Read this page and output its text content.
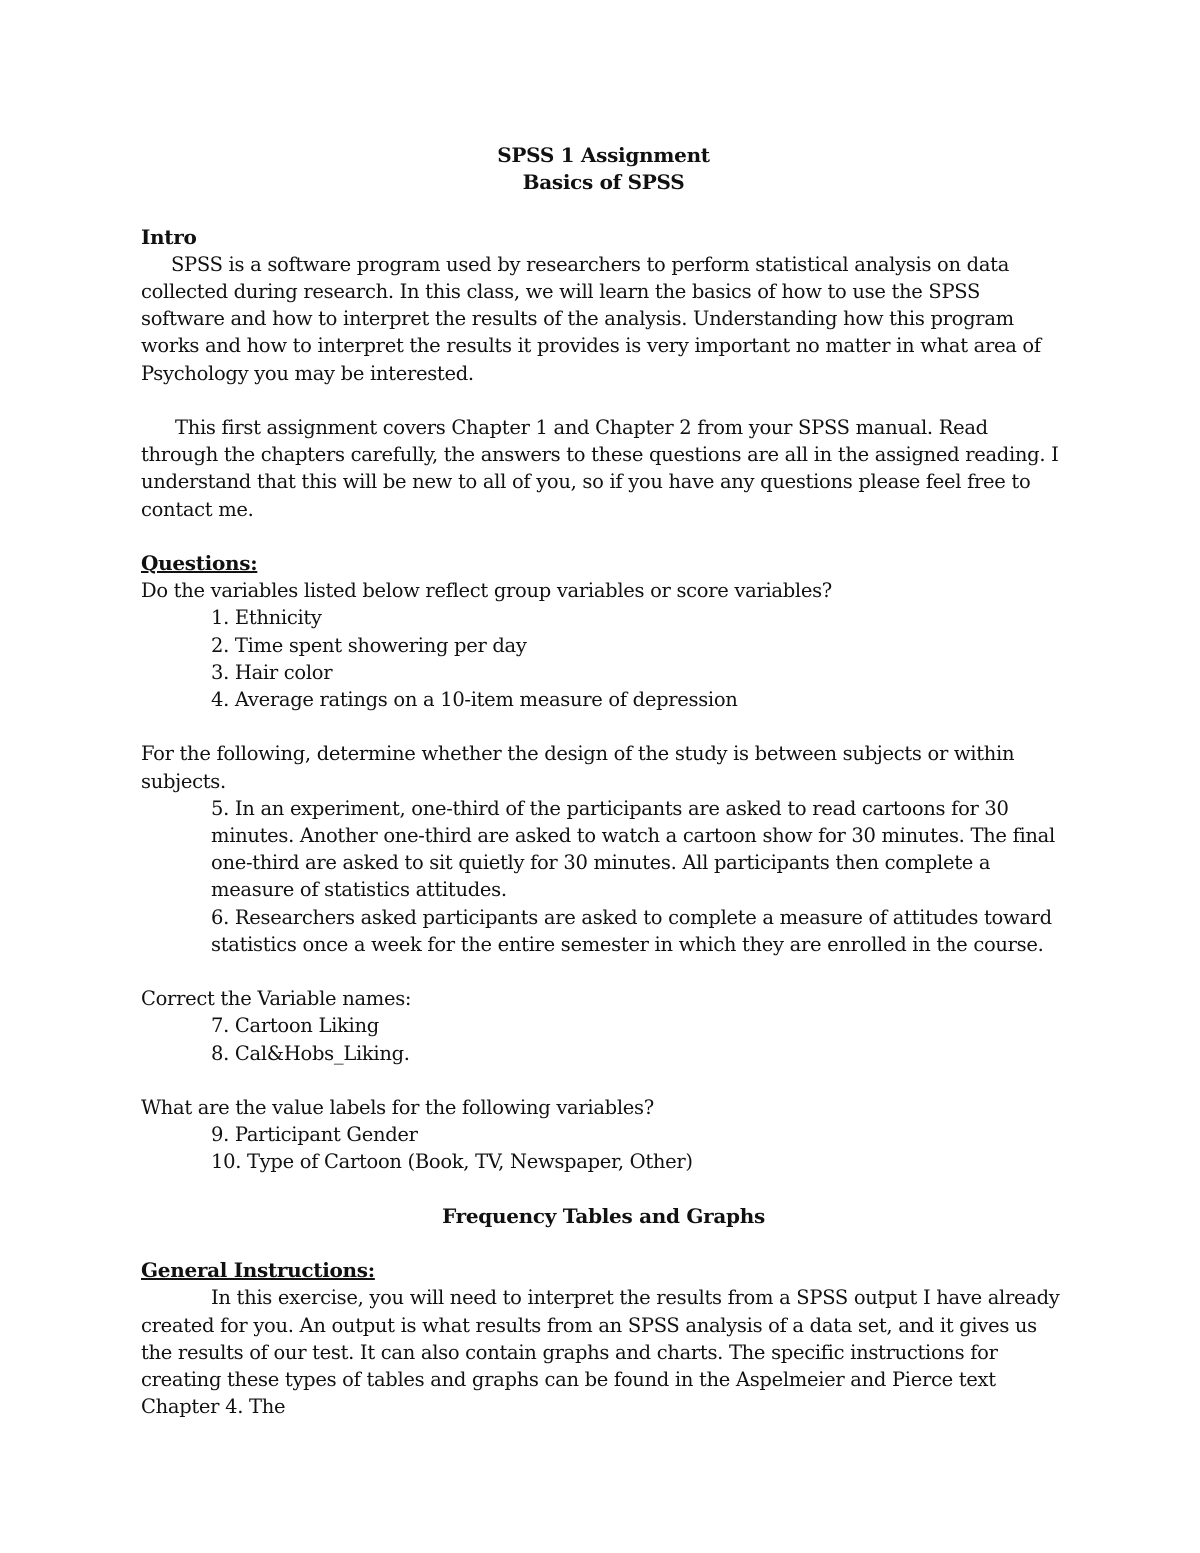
SPSS 1 Assignment

Basics of SPSS

Intro

SPSS is a software program used by researchers to perform statistical analysis on data collected during research. In this class, we will learn the basics of how to use the SPSS software and how to interpret the results of the analysis. Understanding how this program works and how to interpret the results it provides is very important no matter in what area of Psychology you may be interested.

This first assignment covers Chapter 1 and Chapter 2 from your SPSS manual. Read through the chapters carefully, the answers to these questions are all in the assigned reading. I understand that this will be new to all of you, so if you have any questions please feel free to contact me.

Questions:

Do the variables listed below reflect group variables or score variables?

1. Ethnicity
2. Time spent showering per day
3. Hair color
4. Average ratings on a 10-item measure of depression

For the following, determine whether the design of the study is between subjects or within subjects.

5. In an experiment, one-third of the participants are asked to read cartoons for 30 minutes. Another one-third are asked to watch a cartoon show for 30 minutes. The final one-third are asked to sit quietly for 30 minutes. All participants then complete a measure of statistics attitudes.
6. Researchers asked participants are asked to complete a measure of attitudes toward statistics once a week for the entire semester in which they are enrolled in the course.

Correct the Variable names:

7. Cartoon Liking
8. Cal&Hobs_Liking.

What are the value labels for the following variables?

9. Participant Gender
10. Type of Cartoon (Book, TV, Newspaper, Other)

Frequency Tables and Graphs

General Instructions:

In this exercise, you will need to interpret the results from a SPSS output I have already created for you. An output is what results from an SPSS analysis of a data set, and it gives us the results of our test. It can also contain graphs and charts. The specific instructions for creating these types of tables and graphs can be found in the Aspelmeier and Pierce text Chapter 4. The
